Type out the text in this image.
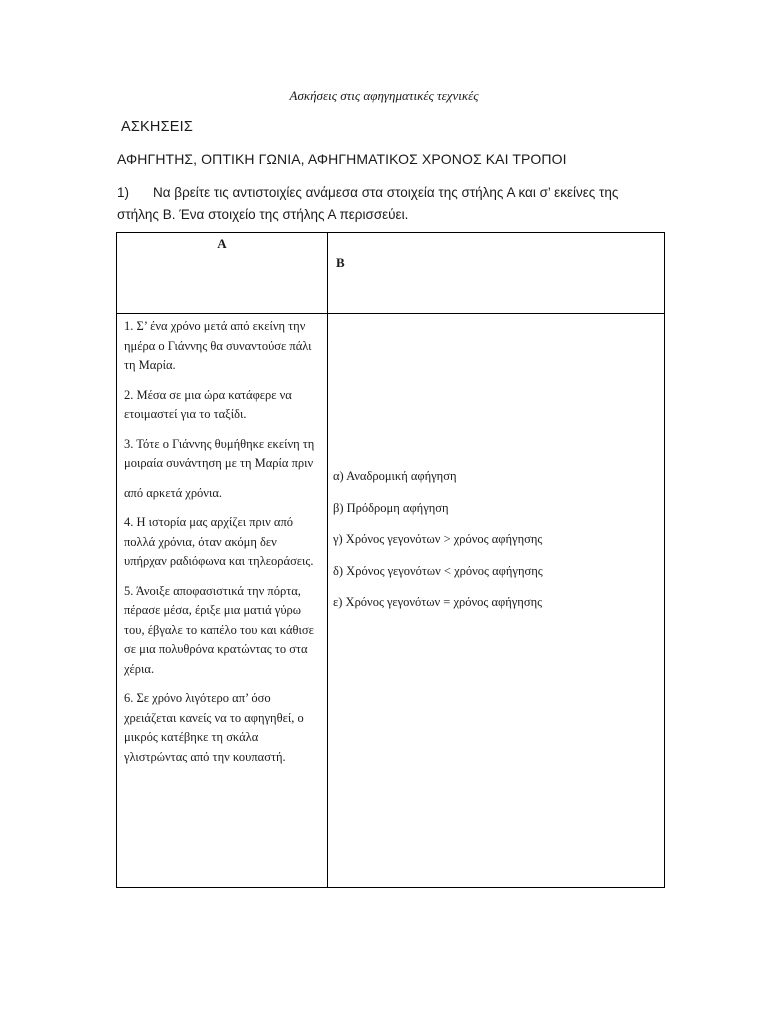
Ασκήσεις στις αφηγηματικές τεχνικές
ΑΣΚΗΣΕΙΣ
ΑΦΗΓΗΤΗΣ, ΟΠΤΙΚΗ ΓΩΝΙΑ, ΑΦΗΓΗΜΑΤΙΚΟΣ ΧΡΟΝΟΣ ΚΑΙ ΤΡΟΠΟΙ
1) Να βρείτε τις αντιστοιχίες ανάμεσα στα στοιχεία της στήλης Α και σ’ εκείνες της στήλης Β. Ένα στοιχείο της στήλης Α περισσεύει.
Α
Β

1. Σ’ ένα χρόνο μετά από εκείνη την ημέρα ο Γιάννης θα συναντούσε πάλι τη Μαρία.

2. Μέσα σε μια ώρα κατάφερε να ετοιμαστεί για το ταξίδι.

3. Τότε ο Γιάννης θυμήθηκε εκείνη τη μοιραία συνάντηση με τη Μαρία πριν

από αρκετά χρόνια.

4. Η ιστορία μας αρχίζει πριν από πολλά χρόνια, όταν ακόμη δεν υπήρχαν ραδιόφωνα και τηλεοράσεις.

5. Άνοιξε αποφασιστικά την πόρτα, πέρασε μέσα, έριξε μια ματιά γύρω του, έβγαλε το καπέλο του και κάθισε σε μια πολυθρόνα κρατώντας το στα χέρια.

6. Σε χρόνο λιγότερο απ’ όσο χρειάζεται κανείς να το αφηγηθεί, ο μικρός κατέβηκε τη σκάλα γλιστρώντας από την κουπαστή.

α) Αναδρομική αφήγηση

β) Πρόδρομη αφήγηση

γ) Χρόνος γεγονότων > χρόνος αφήγησης

δ) Χρόνος γεγονότων < χρόνος αφήγησης

ε) Χρόνος γεγονότων = χρόνος αφήγησης
